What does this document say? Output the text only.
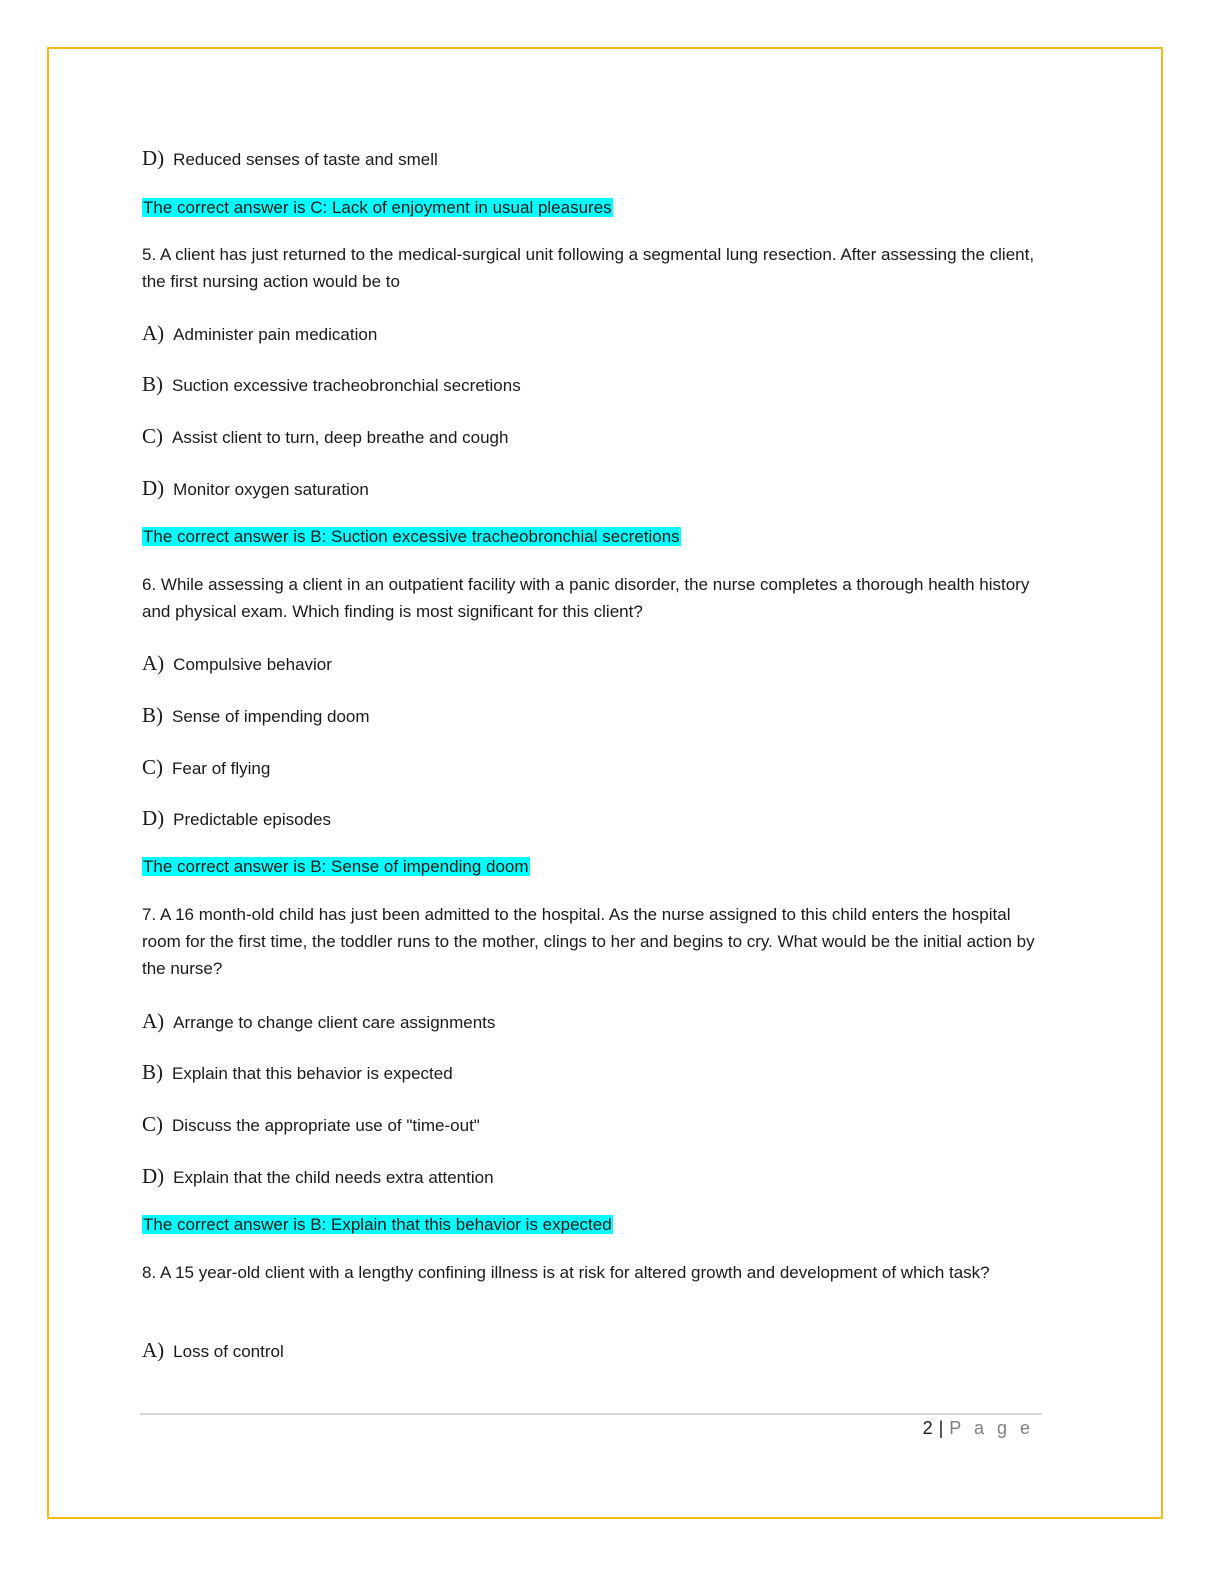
D) Reduced senses of taste and smell
The correct answer is C: Lack of enjoyment in usual pleasures
5. A client has just returned to the medical-surgical unit following a segmental lung resection. After assessing the client, the first nursing action would be to
A) Administer pain medication
B) Suction excessive tracheobronchial secretions
C) Assist client to turn, deep breathe and cough
D) Monitor oxygen saturation
The correct answer is B: Suction excessive tracheobronchial secretions
6. While assessing a client in an outpatient facility with a panic disorder, the nurse completes a thorough health history and physical exam. Which finding is most significant for this client?
A) Compulsive behavior
B) Sense of impending doom
C) Fear of flying
D) Predictable episodes
The correct answer is B: Sense of impending doom
7. A 16 month-old child has just been admitted to the hospital. As the nurse assigned to this child enters the hospital room for the first time, the toddler runs to the mother, clings to her and begins to cry. What would be the initial action by the nurse?
A) Arrange to change client care assignments
B) Explain that this behavior is expected
C) Discuss the appropriate use of "time-out"
D) Explain that the child needs extra attention
The correct answer is B: Explain that this behavior is expected
8. A 15 year-old client with a lengthy confining illness is at risk for altered growth and development of which task?
A) Loss of control
2 | P a g e
